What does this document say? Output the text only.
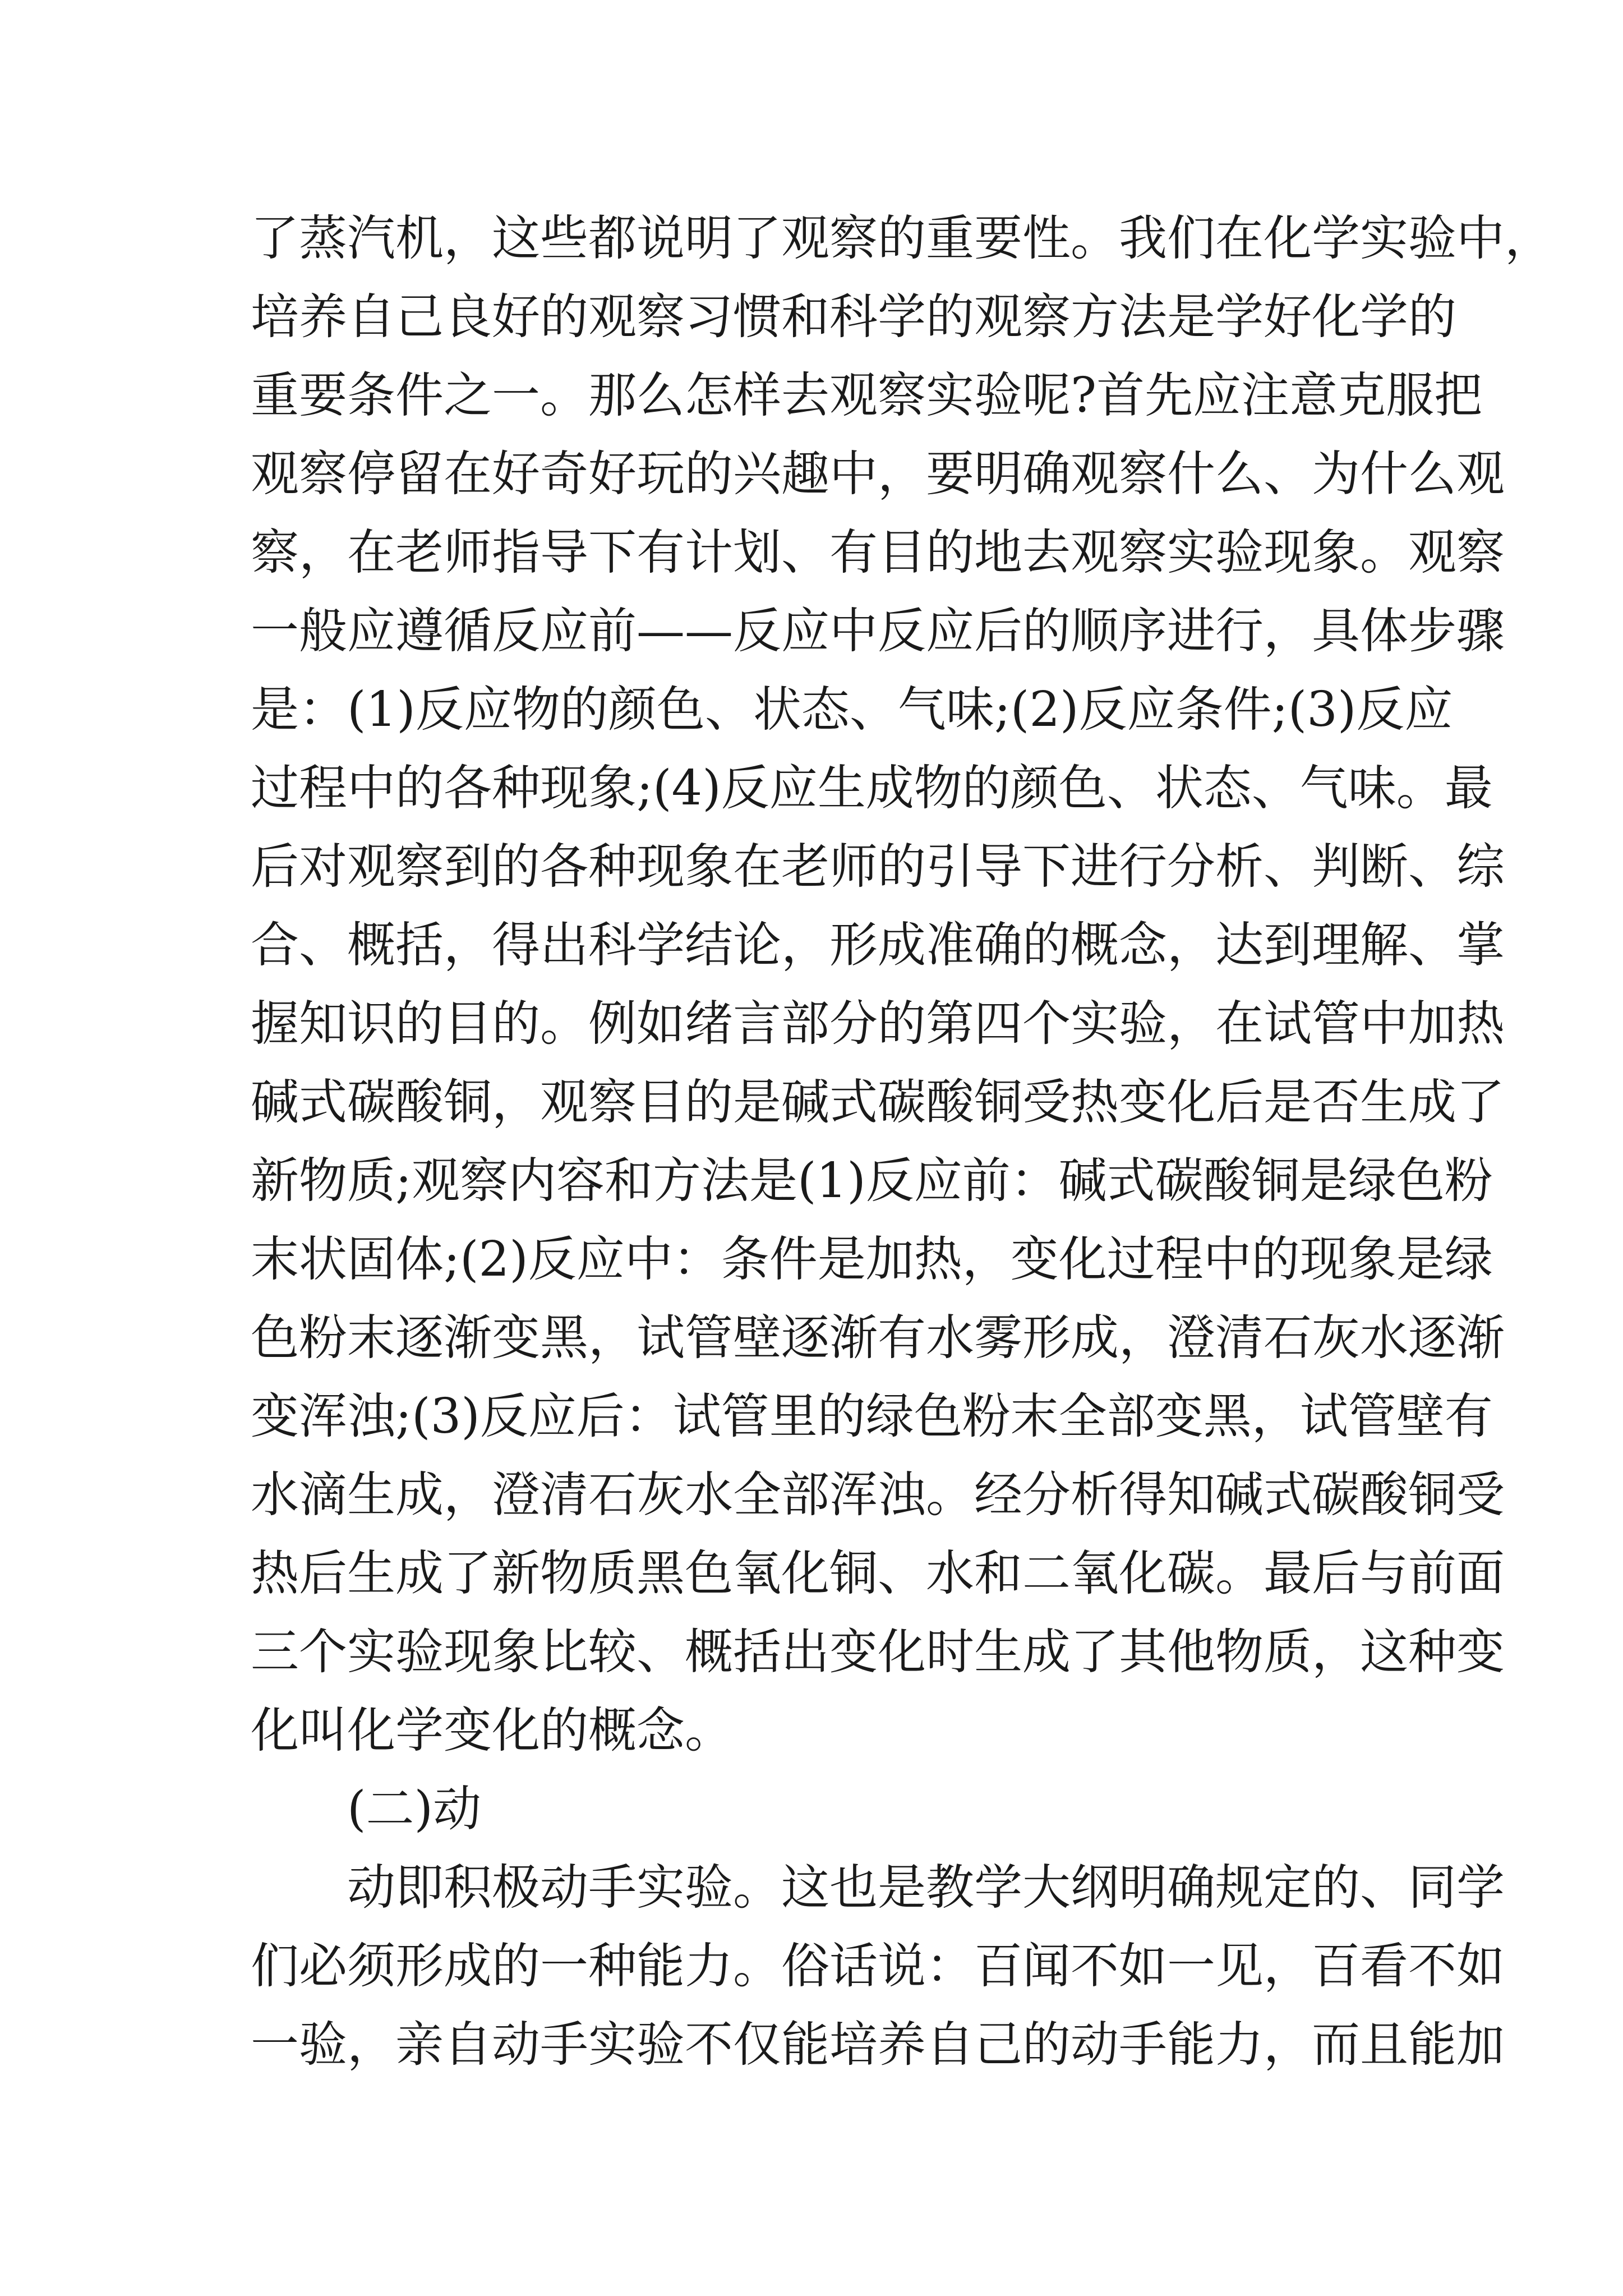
了蒸汽机，这些都说明了观察的重要性。我们在化学实验中，
培养自己良好的观察习惯和科学的观察方法是学好化学的
重要条件之一。那么怎样去观察实验呢?首先应注意克服把
观察停留在好奇好玩的兴趣中，要明确观察什么、为什么观
察，在老师指导下有计划、有目的地去观察实验现象。观察
一般应遵循反应前——反应中反应后的顺序进行，具体步骤
是：(1)反应物的颜色、状态、气味;(2)反应条件;(3)反应
过程中的各种现象;(4)反应生成物的颜色、状态、气味。最
后对观察到的各种现象在老师的引导下进行分析、判断、综
合、概括，得出科学结论，形成准确的概念，达到理解、掌
握知识的目的。例如绪言部分的第四个实验，在试管中加热
碱式碳酸铜，观察目的是碱式碳酸铜受热变化后是否生成了
新物质;观察内容和方法是(1)反应前：碱式碳酸铜是绿色粉
末状固体;(2)反应中：条件是加热，变化过程中的现象是绿
色粉末逐渐变黑，试管壁逐渐有水雾形成，澄清石灰水逐渐
变浑浊;(3)反应后：试管里的绿色粉末全部变黑，试管壁有
水滴生成，澄清石灰水全部浑浊。经分析得知碱式碳酸铜受
热后生成了新物质黑色氧化铜、水和二氧化碳。最后与前面
三个实验现象比较、概括出变化时生成了其他物质，这种变
化叫化学变化的概念。
(二)动
动即积极动手实验。这也是教学大纲明确规定的、同学
们必须形成的一种能力。俗话说：百闻不如一见，百看不如
一验，亲自动手实验不仅能培养自己的动手能力，而且能加
